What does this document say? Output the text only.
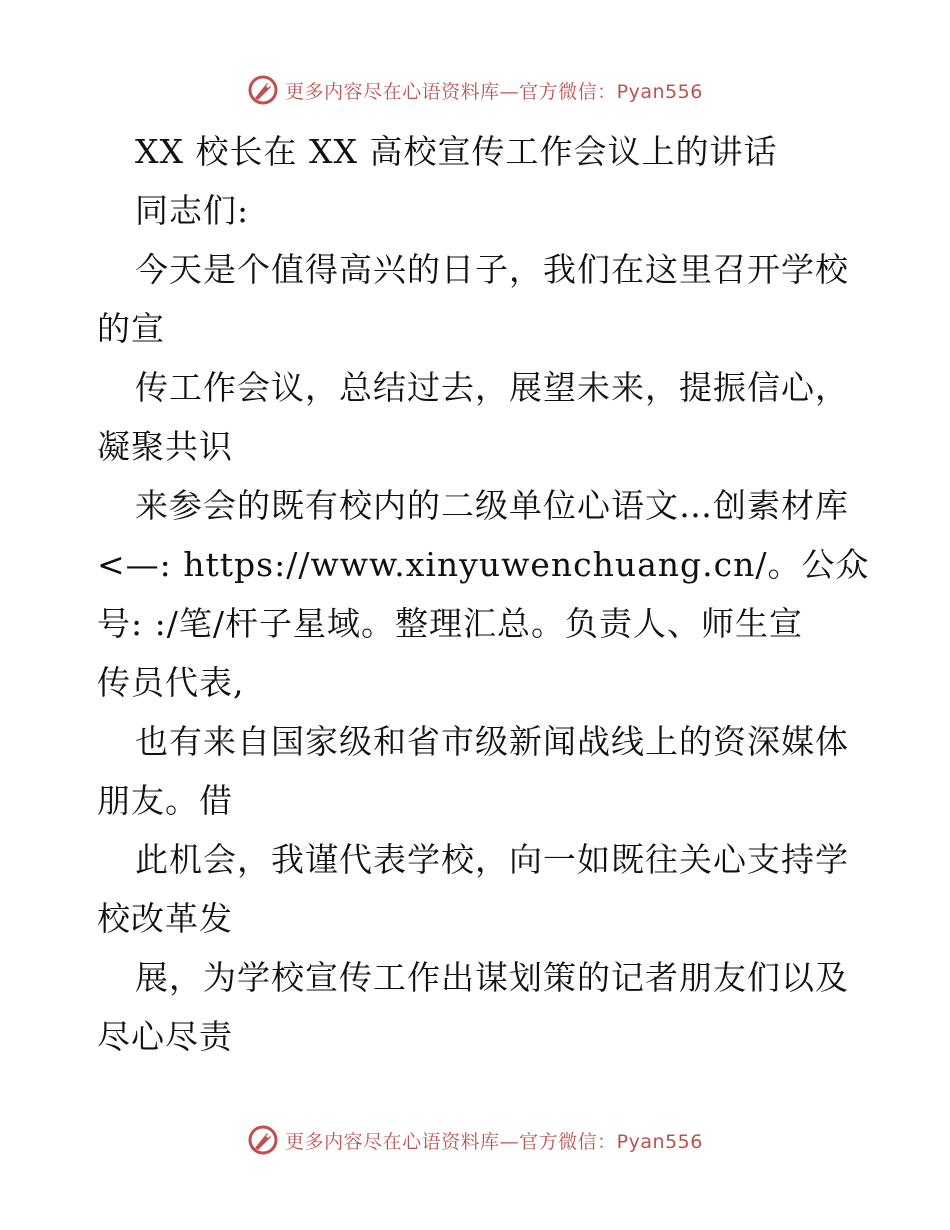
更多内容尽在心语资料库—官方微信：Pyan556
XX 校长在 XX 高校宣传工作会议上的讲话
同志们:
今天是个值得高兴的日子，我们在这里召开学校
的宣
传工作会议，总结过去，展望未来，提振信心，
凝聚共识
来参会的既有校内的二级单位心语文…创素材库
<—: https://www.xinyuwenchuang.cn/。公众
号: :/笔/杆子星域。整理汇总。负责人、师生宣
传员代表,
也有来自国家级和省市级新闻战线上的资深媒体
朋友。借
此机会，我谨代表学校，向一如既往关心支持学
校改革发
展，为学校宣传工作出谋划策的记者朋友们以及
尽心尽责
更多内容尽在心语资料库—官方微信：Pyan556
